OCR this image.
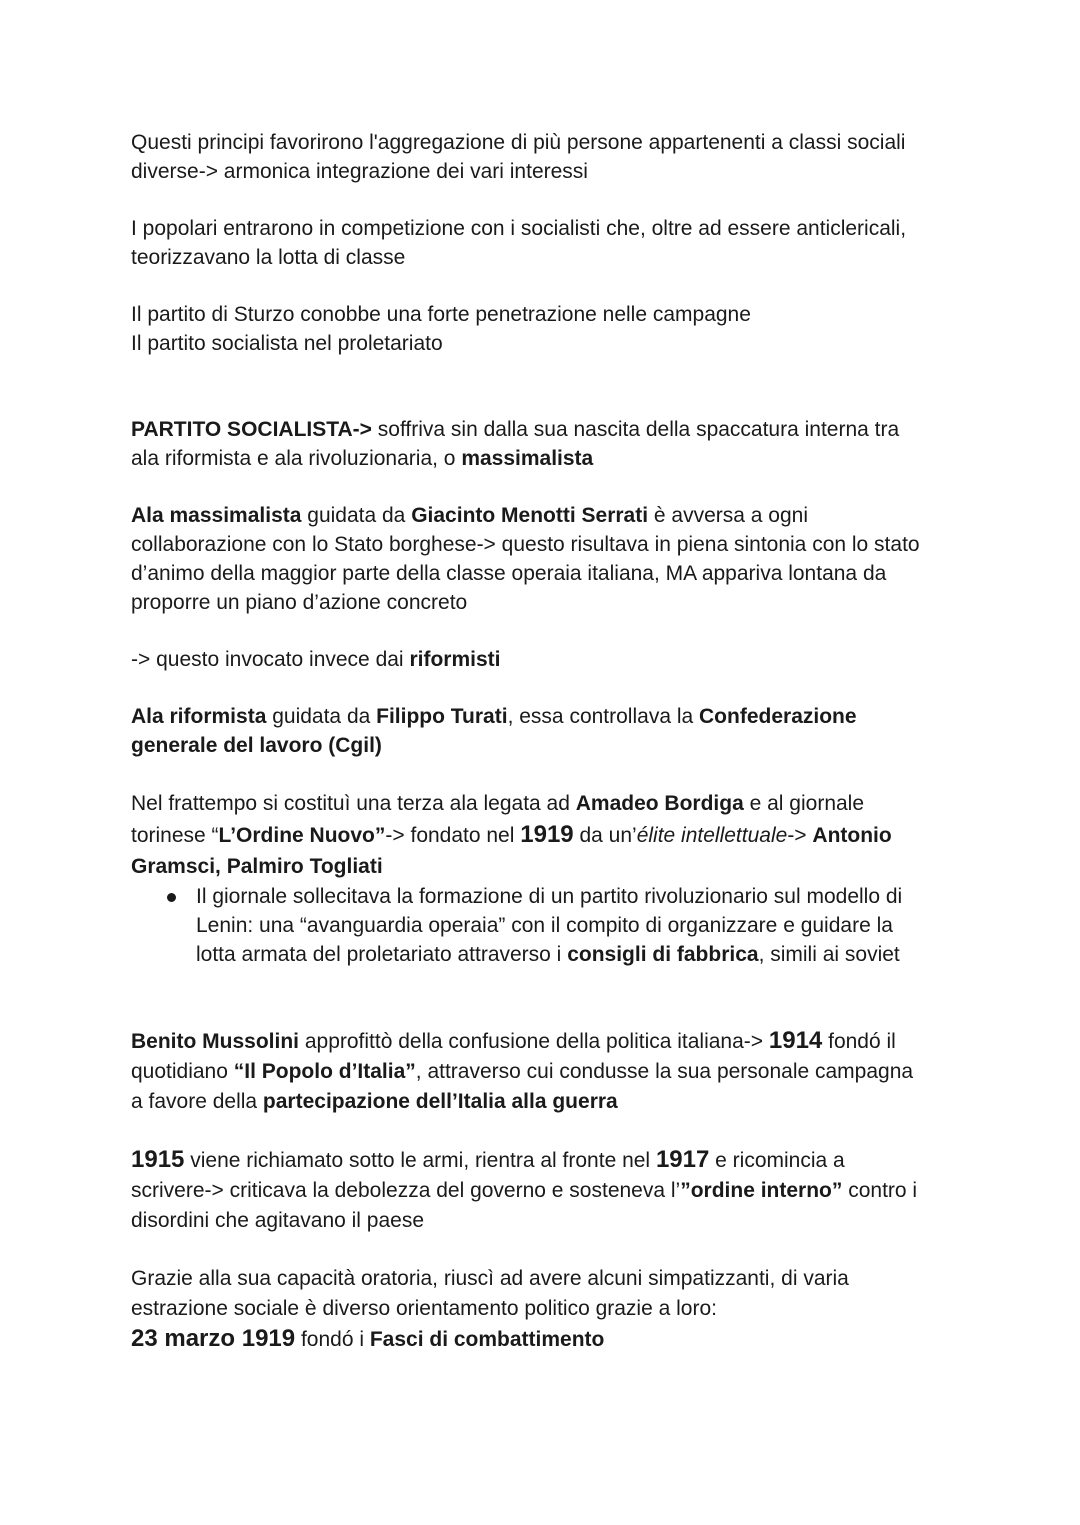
Questi principi favorirono l'aggregazione di più persone appartenenti a classi sociali
diverse-> armonica integrazione dei vari interessi

I popolari entrarono in competizione con i socialisti che, oltre ad essere anticlericali,
teorizzavano la lotta di classe

Il partito di Sturzo conobbe una forte penetrazione nelle campagne
Il partito socialista nel proletariato

PARTITO SOCIALISTA-> soffriva sin dalla sua nascita della spaccatura interna tra
ala riformista e ala rivoluzionaria, o massimalista

Ala massimalista guidata da Giacinto Menotti Serrati è avversa a ogni
collaborazione con lo Stato borghese-> questo risultava in piena sintonia con lo stato
d’animo della maggior parte della classe operaia italiana, MA appariva lontana da
proporre un piano d’azione concreto

-> questo invocato invece dai riformisti

Ala riformista guidata da Filippo Turati, essa controllava la Confederazione
generale del lavoro (Cgil)

Nel frattempo si costituì una terza ala legata ad Amadeo Bordiga e al giornale
torinese “L’Ordine Nuovo”-> fondato nel 1919 da un’élite intellettuale-> Antonio
Gramsci, Palmiro Togliati

Il giornale sollecitava la formazione di un partito rivoluzionario sul modello di
Lenin: una “avanguardia operaia” con il compito di organizzare e guidare la
lotta armata del proletariato attraverso i consigli di fabbrica, simili ai soviet

Benito Mussolini approfittò della confusione della politica italiana-> 1914 fondó il
quotidiano “Il Popolo d’Italia”, attraverso cui condusse la sua personale campagna
a favore della partecipazione dell’Italia alla guerra

1915 viene richiamato sotto le armi, rientra al fronte nel 1917 e ricomincia a
scrivere-> criticava la debolezza del governo e sosteneva l’”ordine interno” contro i
disordini che agitavano il paese

Grazie alla sua capacità oratoria, riuscì ad avere alcuni simpatizzanti, di varia
estrazione sociale è diverso orientamento politico grazie a loro:
23 marzo 1919 fondó i Fasci di combattimento
